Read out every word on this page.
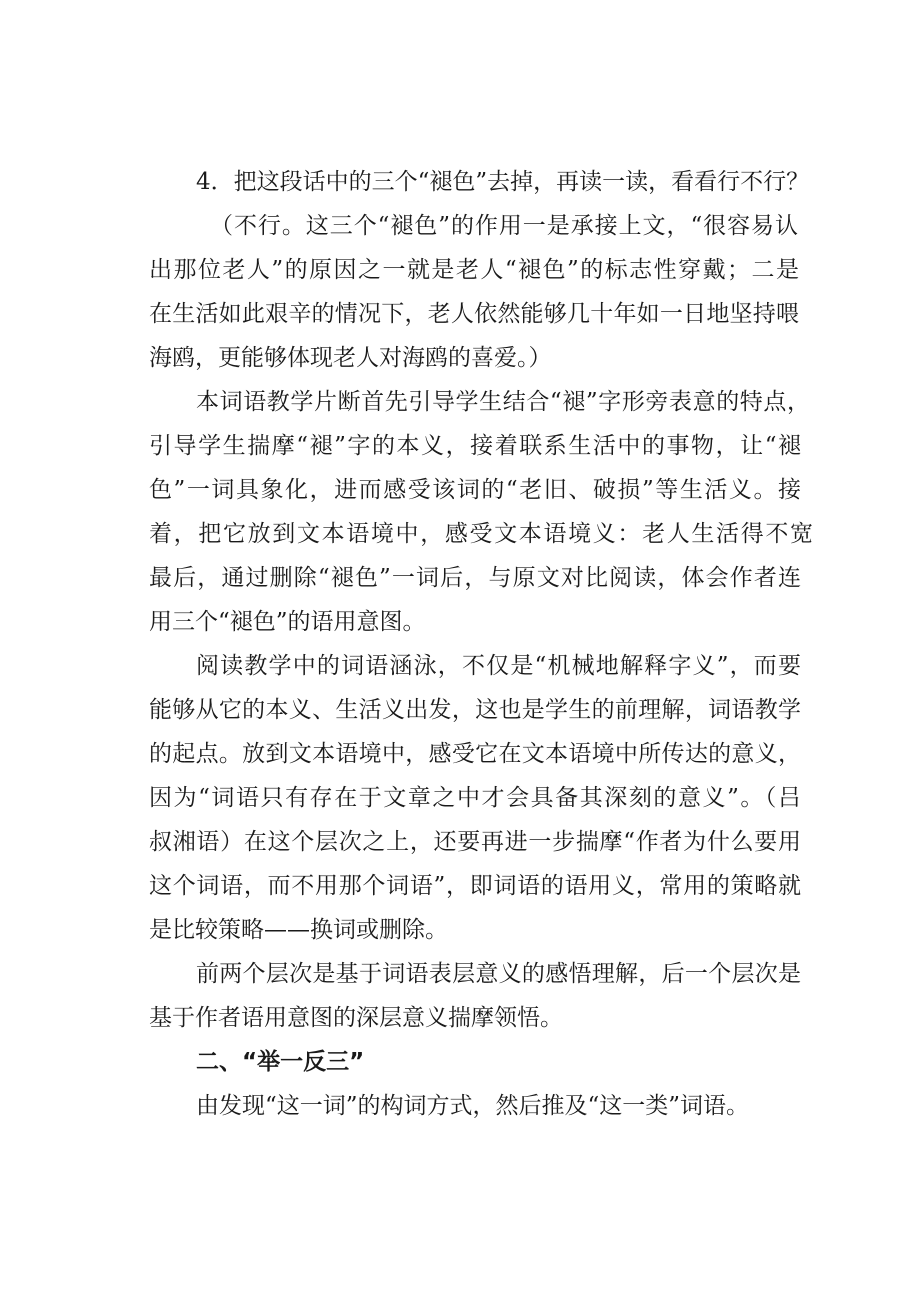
4．把这段话中的三个“褪色”去掉，再读一读，看看行不行？
（不行。这三个“褪色”的作用一是承接上文，“很容易认
出那位老人”的原因之一就是老人“褪色”的标志性穿戴；二是
在生活如此艰辛的情况下，老人依然能够几十年如一日地坚持喂
海鸥，更能够体现老人对海鸥的喜爱。）
本词语教学片断首先引导学生结合“褪”字形旁表意的特点，
引导学生揣摩“褪”字的本义，接着联系生活中的事物，让“褪
色”一词具象化，进而感受该词的“老旧、破损”等生活义。接
着，把它放到文本语境中，感受文本语境义：老人生活得不宽
最后，通过删除“褪色”一词后，与原文对比阅读，体会作者连
用三个“褪色”的语用意图。
阅读教学中的词语涵泳，不仅是“机械地解释字义”，而要
能够从它的本义、生活义出发，这也是学生的前理解，词语教学
的起点。放到文本语境中，感受它在文本语境中所传达的意义，
因为“词语只有存在于文章之中才会具备其深刻的意义”。（吕
叔湘语）在这个层次之上，还要再进一步揣摩“作者为什么要用
这个词语，而不用那个词语”，即词语的语用义，常用的策略就
是比较策略——换词或删除。
前两个层次是基于词语表层意义的感悟理解，后一个层次是
基于作者语用意图的深层意义揣摩领悟。
二、“举一反三”
由发现“这一词”的构词方式，然后推及“这一类”词语。
